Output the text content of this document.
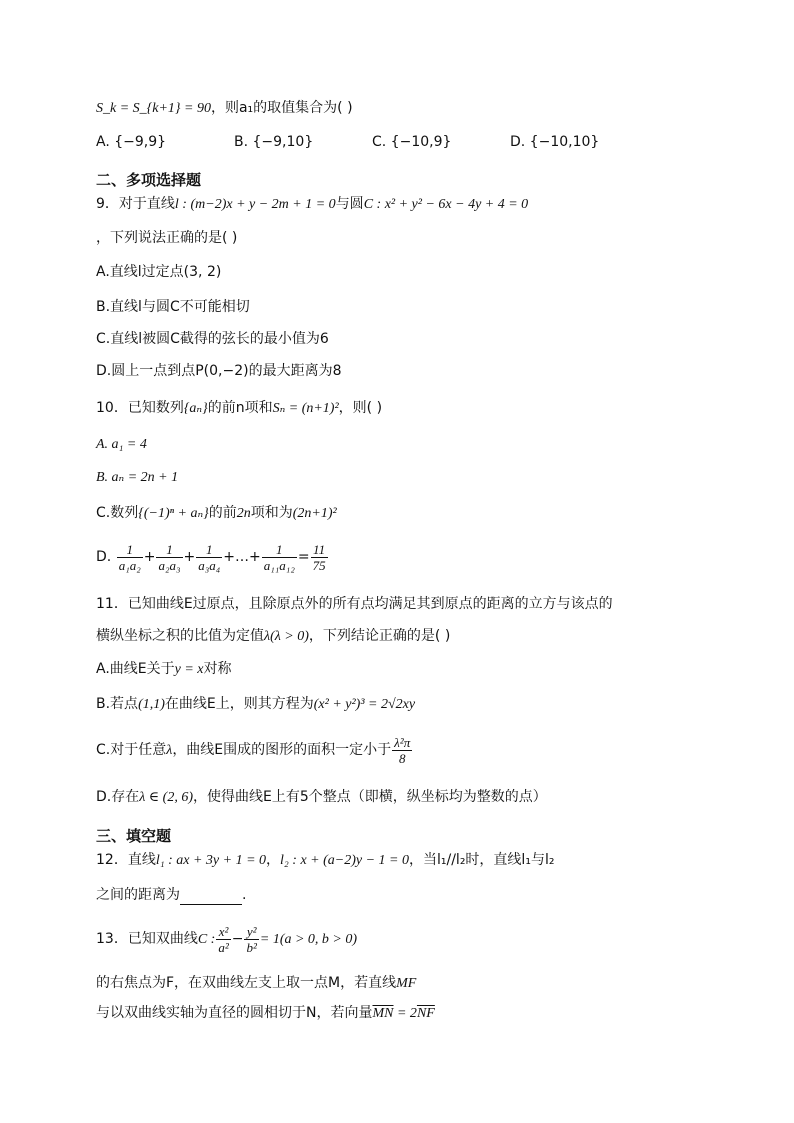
S_k = S_{k+1} = 90，则a₁的取值集合为( )
A. {−9,9}	B. {−9,10}	C. {−10,9}	D. {−10,10}
二、多项选择题
9．对于直线l : (m−2)x + y − 2m + 1 = 0与圆C : x² + y² − 6x − 4y + 4 = 0
，下列说法正确的是( )
A.直线l过定点(3, 2)
B.直线l与圆C不可能相切
C.直线l被圆C截得的弦长的最小值为6
D.圆上一点到点P(0,−2)的最大距离为8
10．已知数列{aₙ}的前n项和Sₙ = (n+1)²，则( )
A. a₁ = 4
B. aₙ = 2n + 1
C.数列{(−1)ⁿ + aₙ}的前2n项和为(2n+1)²
D. $\frac{1}{\text{a₁a₂}} + \frac{1}{\text{a₂a₃}} + \frac{1}{\text{a₃a₄}}$ +…+ $\frac{1}{\text{a₁₁a₁₂}} = \frac{11}{75}$
11．已知曲线E过原点，且除原点外的所有点均满足其到原点的距离的立方与该点的
横纵坐标之积的比值为定值λ(λ > 0)，下列结论正确的是( )
A.曲线E关于y = x对称
B.若点(1,1)在曲线E上，则其方程为(x² + y²)³ = 2√2xy
C.对于任意λ，曲线E围成的图形的面积一定小于 $\frac{\text{λ²π}}{8}$
D.存在λ ∈ (2, 6)，使得曲线E上有5个整点（即横，纵坐标均为整数的点）
三、填空题
12．直线l₁ : ax + 3y + 1 = 0，l₂ : x + (a−2)y − 1 = 0，当l₁//l₂时，直线l₁与l₂
之间的距离为	.
13．已知双曲线C : $\frac{\text{x²}}{\text{a²}} - \frac{\text{y²}}{\text{b²}} = 1(a > 0$, b > 0)
的右焦点为F，在双曲线左支上取一点M，若直线MF
与以双曲线实轴为直径的圆相切于N，若向量$\overline{MN} = 2\overline{NF}$
